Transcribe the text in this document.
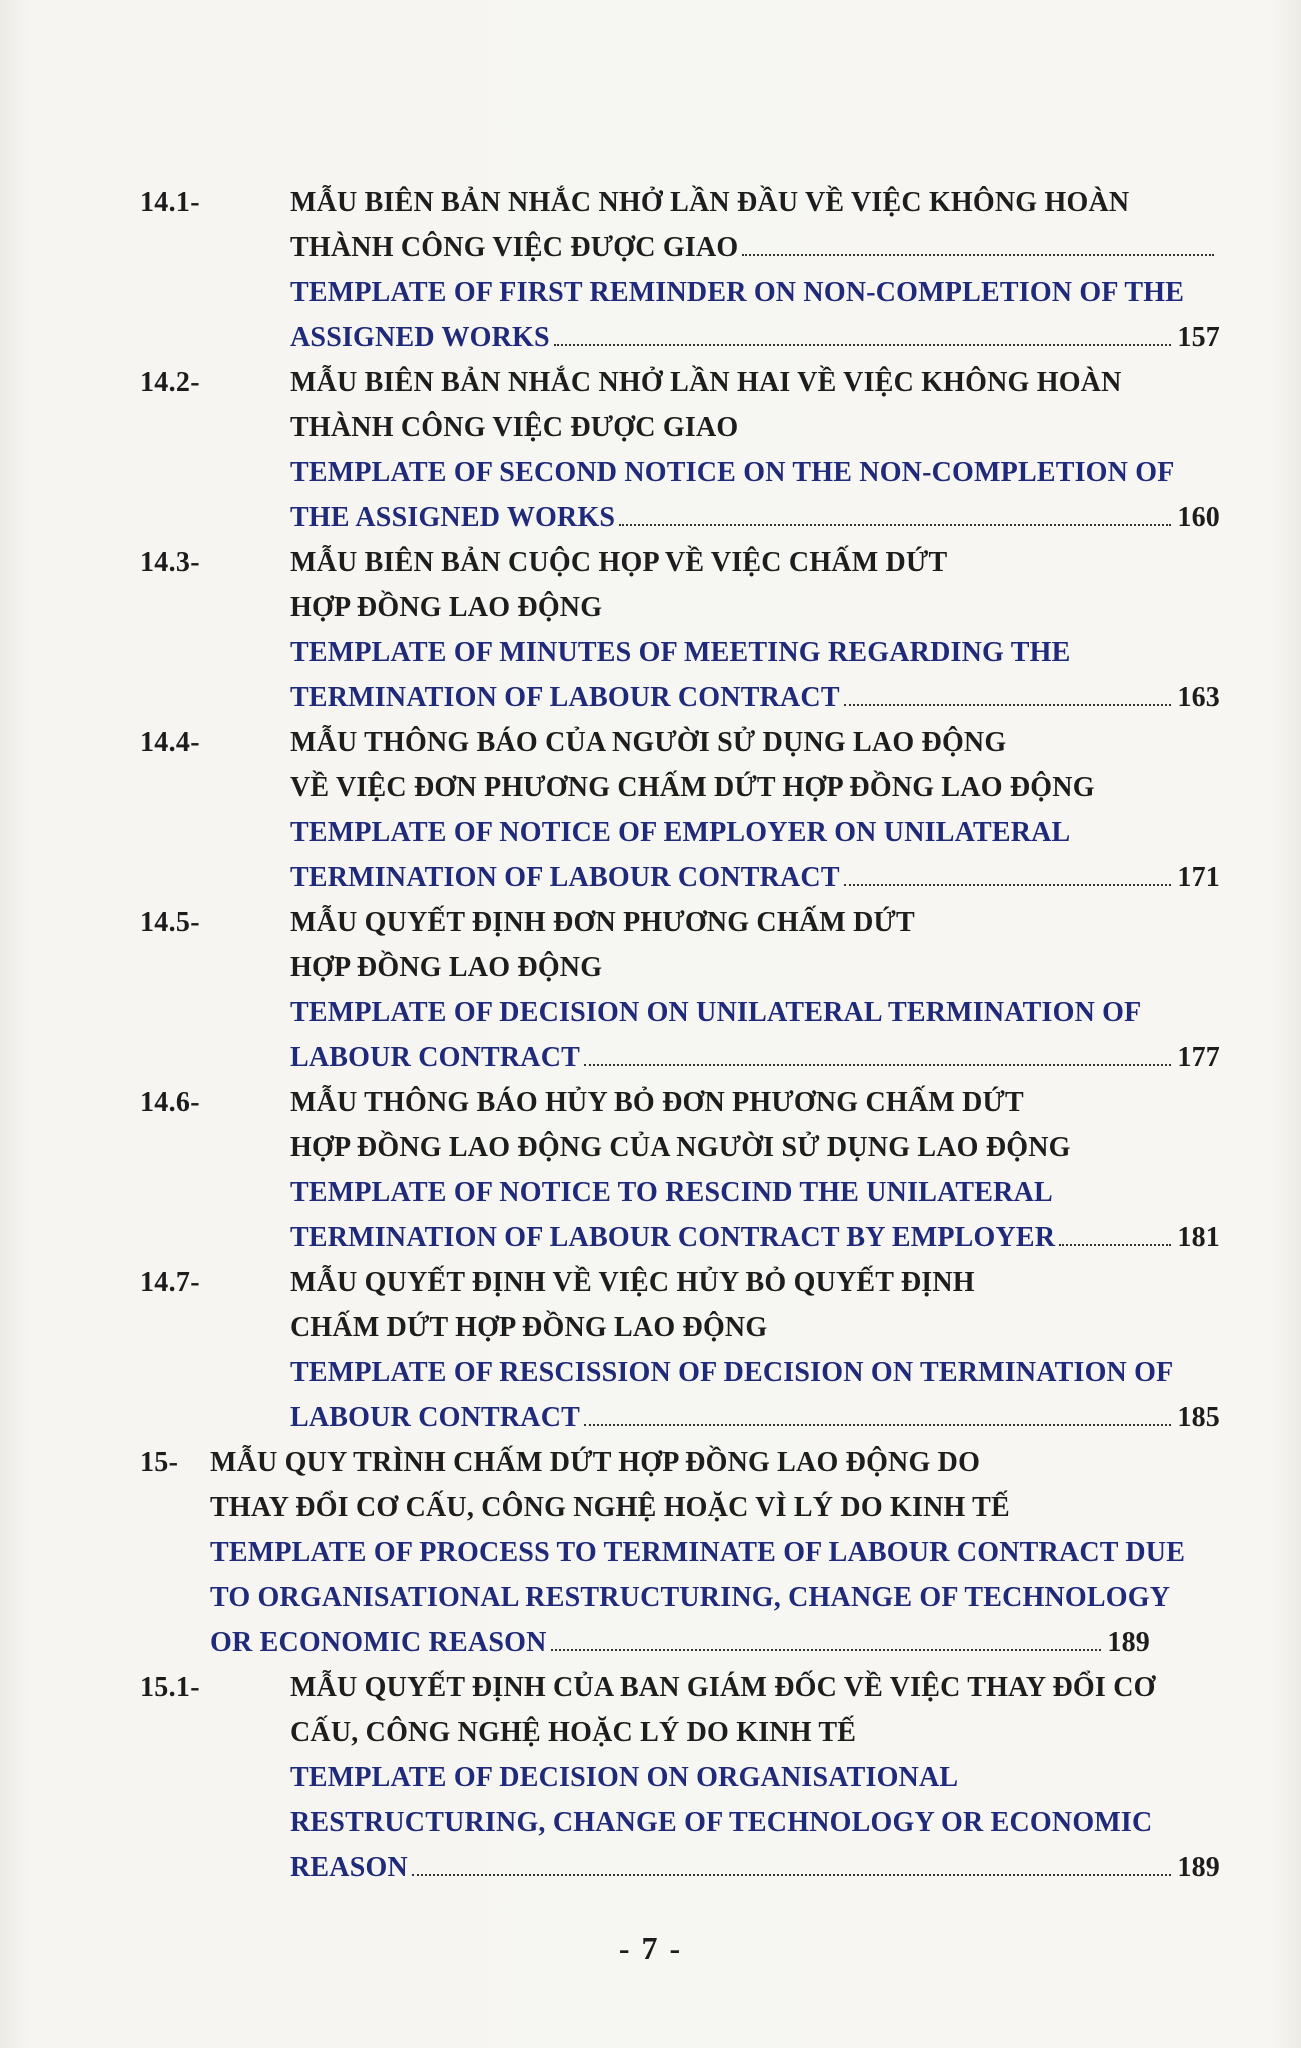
14.1-	MẪU BIÊN BẢN NHẮC NHỞ LẦN ĐẦU VỀ VIỆC KHÔNG HOÀN
THÀNH CÔNG VIỆC ĐƯỢC GIAO
TEMPLATE OF FIRST REMINDER ON NON-COMPLETION OF THE
ASSIGNED WORKS	157
14.2-	MẪU BIÊN BẢN NHẮC NHỞ LẦN HAI VỀ VIỆC KHÔNG HOÀN
THÀNH CÔNG VIỆC ĐƯỢC GIAO
TEMPLATE OF SECOND NOTICE ON THE NON-COMPLETION OF
THE ASSIGNED WORKS	160
14.3-	MẪU BIÊN BẢN CUỘC HỌP VỀ VIỆC CHẤM DỨT
HỢP ĐỒNG LAO ĐỘNG
TEMPLATE OF MINUTES OF MEETING REGARDING THE
TERMINATION OF LABOUR CONTRACT	163
14.4-	MẪU THÔNG BÁO CỦA NGƯỜI SỬ DỤNG LAO ĐỘNG
VỀ VIỆC ĐƠN PHƯƠNG CHẤM DỨT HỢP ĐỒNG LAO ĐỘNG
TEMPLATE OF NOTICE OF EMPLOYER ON UNILATERAL
TERMINATION OF LABOUR CONTRACT	171
14.5-	MẪU QUYẾT ĐỊNH ĐƠN PHƯƠNG CHẤM DỨT
HỢP ĐỒNG LAO ĐỘNG
TEMPLATE OF DECISION ON UNILATERAL TERMINATION OF
LABOUR CONTRACT	177
14.6-	MẪU THÔNG BÁO HỦY BỎ ĐƠN PHƯƠNG CHẤM DỨT
HỢP ĐỒNG LAO ĐỘNG CỦA NGƯỜI SỬ DỤNG LAO ĐỘNG
TEMPLATE OF NOTICE TO RESCIND THE UNILATERAL
TERMINATION OF LABOUR CONTRACT BY EMPLOYER	181
14.7-	MẪU QUYẾT ĐỊNH VỀ VIỆC HỦY BỎ QUYẾT ĐỊNH
CHẤM DỨT HỢP ĐỒNG LAO ĐỘNG
TEMPLATE OF RESCISSION OF DECISION ON TERMINATION OF
LABOUR CONTRACT	185
15- MẪU QUY TRÌNH CHẤM DỨT HỢP ĐỒNG LAO ĐỘNG DO
THAY ĐỔI CƠ CẤU, CÔNG NGHỆ HOẶC VÌ LÝ DO KINH TẾ
TEMPLATE OF PROCESS TO TERMINATE OF LABOUR CONTRACT DUE
TO ORGANISATIONAL RESTRUCTURING, CHANGE OF TECHNOLOGY
OR ECONOMIC REASON	189
15.1-	MẪU QUYẾT ĐỊNH CỦA BAN GIÁM ĐỐC VỀ VIỆC THAY ĐỔI CƠ
CẤU, CÔNG NGHỆ HOẶC LÝ DO KINH TẾ
TEMPLATE OF DECISION ON ORGANISATIONAL
RESTRUCTURING, CHANGE OF TECHNOLOGY OR ECONOMIC
REASON	189
- 7 -
